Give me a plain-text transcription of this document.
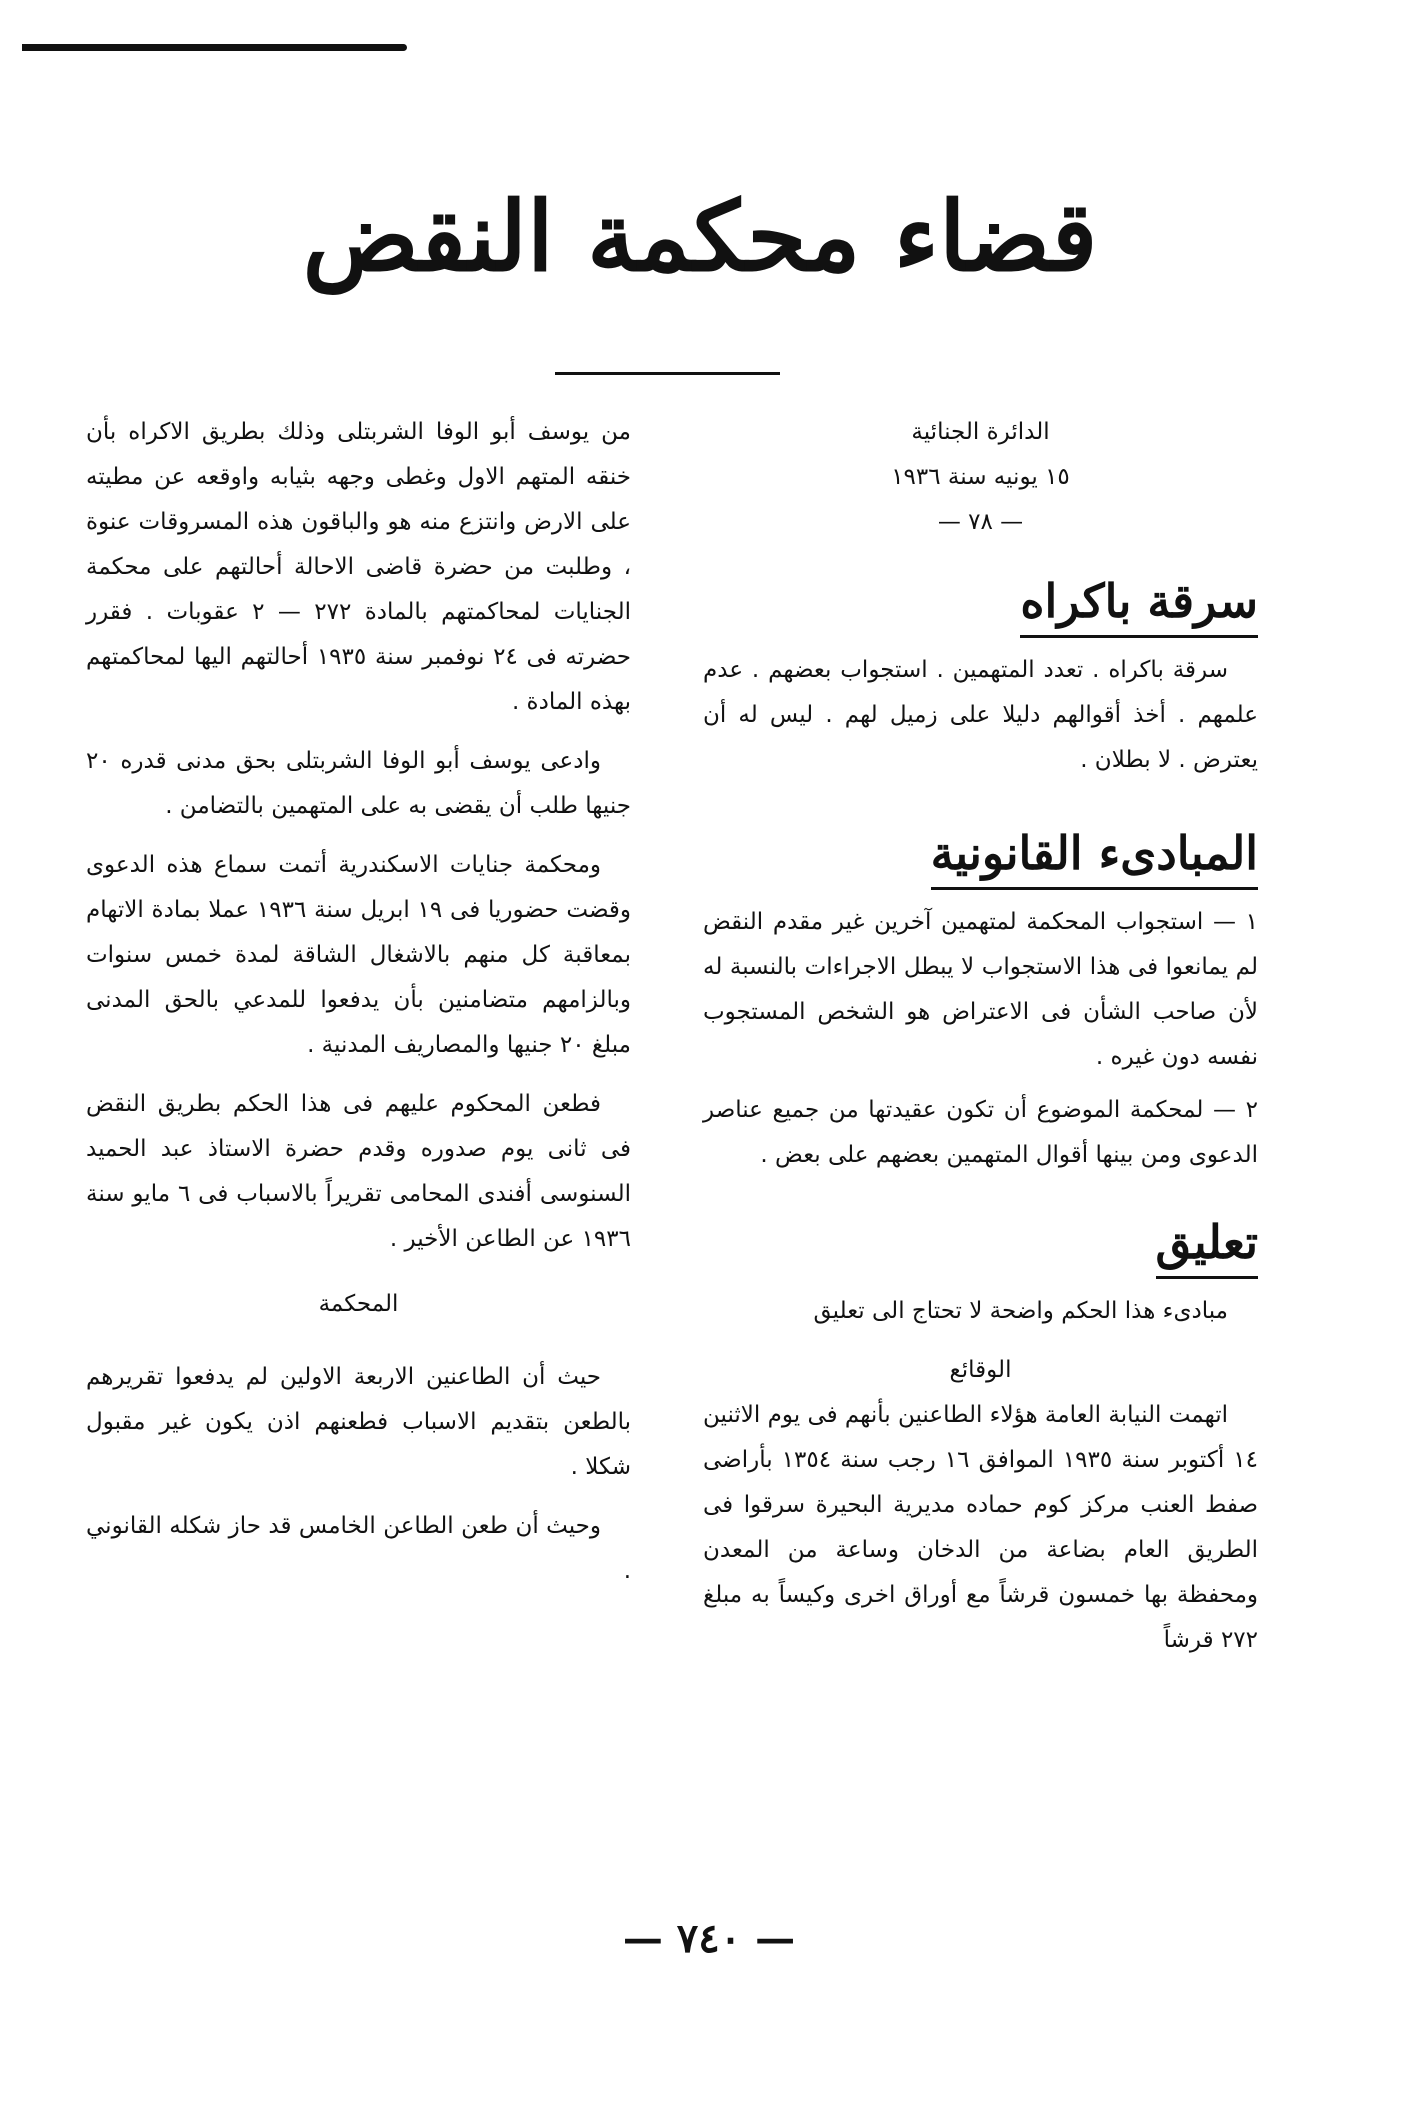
قضاء محكمة النقض

الدائرة الجنائية

١٥ يونيه سنة ١٩٣٦

— ٧٨ —

سرقة باكراه

سرقة باكراه . تعدد المتهمين . استجواب بعضهم . عدم علمهم . أخذ أقوالهم دليلا على زميل لهم . ليس له أن يعترض . لا بطلان .

المبادىء القانونية

١ — استجواب المحكمة لمتهمين آخرين غير مقدم النقض لم يمانعوا فى هذا الاستجواب لا يبطل الاجراءات بالنسبة له لأن صاحب الشأن فى الاعتراض هو الشخص المستجوب نفسه دون غيره .

٢ — لمحكمة الموضوع أن تكون عقيدتها من جميع عناصر الدعوى ومن بينها أقوال المتهمين بعضهم على بعض .

تعليق

مبادىء هذا الحكم واضحة لا تحتاج الى تعليق

الوقائع

اتهمت النيابة العامة هؤلاء الطاعنين بأنهم فى يوم الاثنين ١٤ أكتوبر سنة ١٩٣٥ الموافق ١٦ رجب سنة ١٣٥٤ بأراضى صفط العنب مركز كوم حماده مديرية البحيرة سرقوا فى الطريق العام بضاعة من الدخان وساعة من المعدن ومحفظة بها خمسون قرشاً مع أوراق اخرى وكيساً به مبلغ ٢٧٢ قرشاً

من يوسف أبو الوفا الشربتلى وذلك بطريق الاكراه بأن خنقه المتهم الاول وغطى وجهه بثيابه واوقعه عن مطيته على الارض وانتزع منه هو والباقون هذه المسروقات عنوة ، وطلبت من حضرة قاضى الاحالة أحالتهم على محكمة الجنايات لمحاكمتهم بالمادة ٢٧٢ — ٢ عقوبات . فقرر حضرته فى ٢٤ نوفمبر سنة ١٩٣٥ أحالتهم اليها لمحاكمتهم بهذه المادة .

وادعى يوسف أبو الوفا الشربتلى بحق مدنى قدره ٢٠ جنيها طلب أن يقضى به على المتهمين بالتضامن .

ومحكمة جنايات الاسكندرية أتمت سماع هذه الدعوى وقضت حضوريا فى ١٩ ابريل سنة ١٩٣٦ عملا بمادة الاتهام بمعاقبة كل منهم بالاشغال الشاقة لمدة خمس سنوات وبالزامهم متضامنين بأن يدفعوا للمدعي بالحق المدنى مبلغ ٢٠ جنيها والمصاريف المدنية .

فطعن المحكوم عليهم فى هذا الحكم بطريق النقض فى ثانى يوم صدوره وقدم حضرة الاستاذ عبد الحميد السنوسى أفندى المحامى تقريراً بالاسباب فى ٦ مايو سنة ١٩٣٦ عن الطاعن الأخير .

المحكمة

حيث أن الطاعنين الاربعة الاولين لم يدفعوا تقريرهم بالطعن بتقديم الاسباب فطعنهم اذن يكون غير مقبول شكلا .

وحيث أن طعن الطاعن الخامس قد حاز شكله القانوني .

— ٧٤٠ —
